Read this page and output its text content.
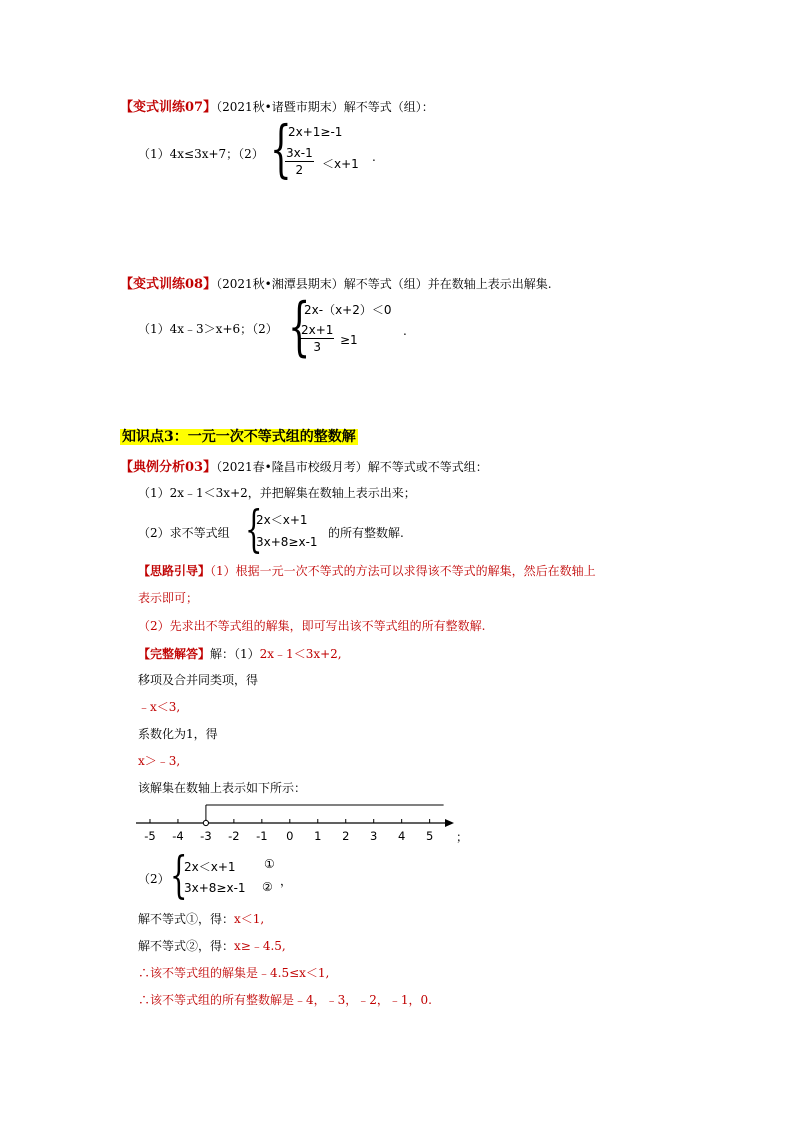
【变式训练07】（2021秋•诸暨市期末）解不等式（组）：
（1）4x≤3x+7；（2） {
2x+1≥-1
$\frac{3x-1}{2} <x+1$ .
【变式训练08】（2021秋•湘潭县期末）解不等式（组）并在数轴上表示出解集.
（1）4x﹣3＞x+6；（2） {
2x-（x+2）＜0
$\frac{2x+1}{3} \ge 1$
.
知识点3：一元一次不等式组的整数解
【典例分析03】（2021春•隆昌市校级月考）解不等式或不等式组：
（1）2x﹣1＜3x+2，并把解集在数轴上表示出来；
（2）求不等式组 {
2x＜x+1
3x+8≥x-1
的所有整数解.
【思路引导】（1）根据一元一次不等式的方法可以求得该不等式的解集，然后在数轴上
表示即可；
（2）先求出不等式组的解集，即可写出该不等式组的所有整数解.
【完整解答】解：（1）2x﹣1＜3x+2,
移项及合并同类项，得
﹣x＜3,
系数化为1，得
x＞﹣3,
该解集在数轴上表示如下所示：
-5 -4 -3 -2 -1 0 1 2 3 4 5 ；
（2） {
2x＜x+1 ①
3x+8≥x-1 ② ，
解不等式①，得：x＜1,
解不等式②，得：x≥﹣4.5,
∴该不等式组的解集是﹣4.5≤x＜1,
∴该不等式组的所有整数解是﹣4，﹣3，﹣2，﹣1，0.
